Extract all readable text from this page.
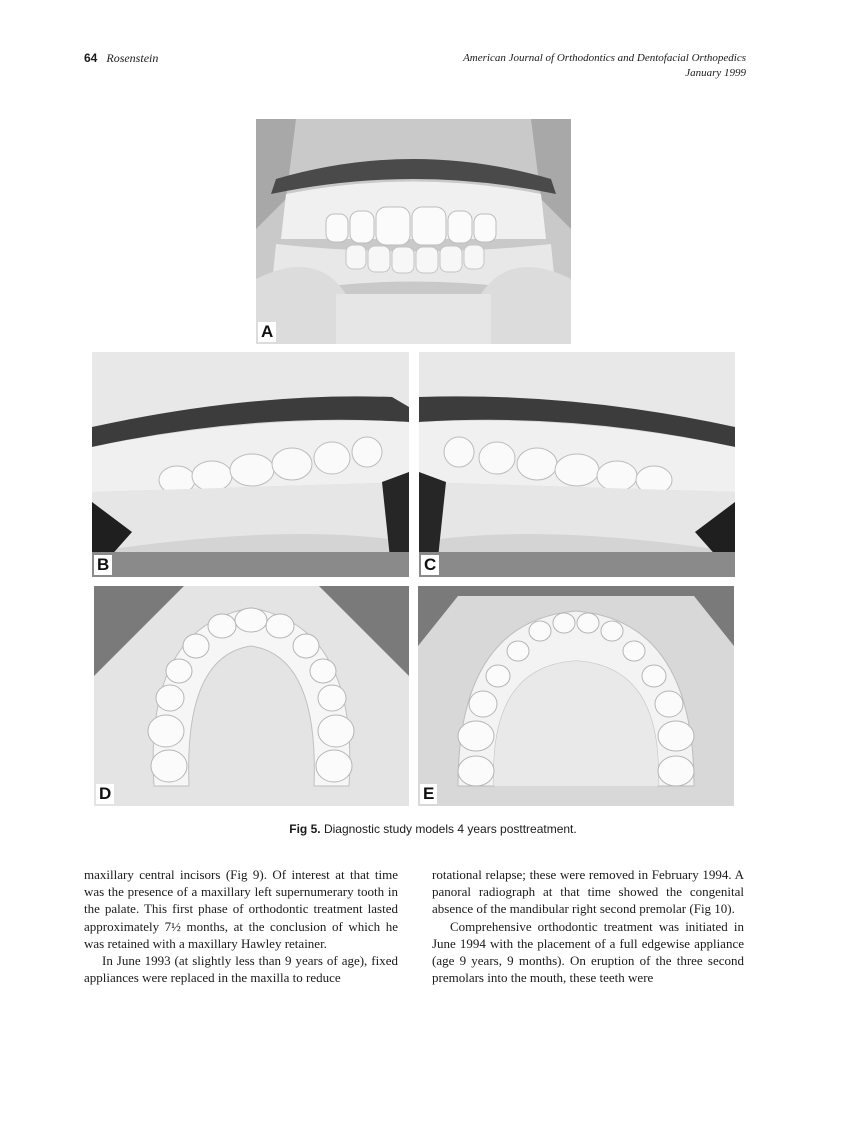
64 Rosenstein	American Journal of Orthodontics and Dentofacial Orthopedics
January 1999
A
B	C
D	E
Fig 5. Diagnostic study models 4 years posttreatment.

maxillary central incisors (Fig 9). Of interest at that time was the presence of a maxillary left supernumerary tooth in the palate. This first phase of orthodontic treatment lasted approximately 7½ months, at the conclusion of which he was retained with a maxillary Hawley retainer.

In June 1993 (at slightly less than 9 years of age), fixed appliances were replaced in the maxilla to reduce

rotational relapse; these were removed in February 1994. A panoral radiograph at that time showed the congenital absence of the mandibular right second premolar (Fig 10).

Comprehensive orthodontic treatment was initiated in June 1994 with the placement of a full edgewise appliance (age 9 years, 9 months). On eruption of the three second premolars into the mouth, these teeth were
